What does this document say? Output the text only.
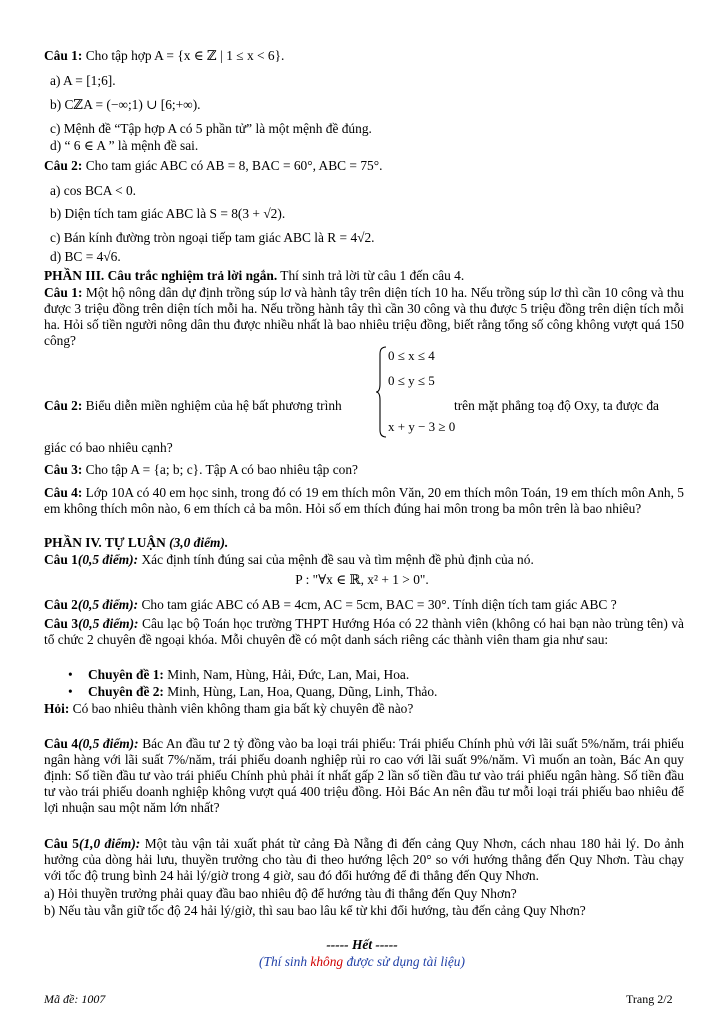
Câu 1: Cho tập hợp A = {x ∈ ℤ | 1 ≤ x < 6}.
a) A = [1;6].
b) CℤA = (−∞;1) ∪ [6;+∞).
c) Mệnh đề “Tập hợp A có 5 phần tử” là một mệnh đề đúng.
d) “ 6 ∈ A ” là mệnh đề sai.
Câu 2: Cho tam giác ABC có AB = 8, BAC = 60°, ABC = 75°.
a) cos BCA < 0.
b) Diện tích tam giác ABC là S = 8(3 + √2).
c) Bán kính đường tròn ngoại tiếp tam giác ABC là R = 4√2.
d) BC = 4√6.
PHẦN III. Câu trắc nghiệm trả lời ngắn. Thí sinh trả lời từ câu 1 đến câu 4.
Câu 1: Một hộ nông dân dự định trồng súp lơ và hành tây trên diện tích 10 ha. Nếu trồng súp lơ thì cần 10 công và thu được 3 triệu đồng trên diện tích mỗi ha. Nếu trồng hành tây thì cần 30 công và thu được 5 triệu đồng trên diện tích mỗi ha. Hỏi số tiền người nông dân thu được nhiều nhất là bao nhiêu triệu đồng, biết rằng tổng số công không vượt quá 150 công?
Câu 2: Biểu diễn miền nghiệm của hệ bất phương trình
0 ≤ x ≤ 4
0 ≤ y ≤ 5
x + y − 3 ≥ 0
trên mặt phẳng toạ độ Oxy, ta được đa
giác có bao nhiêu cạnh?
Câu 3: Cho tập A = {a; b; c}. Tập A có bao nhiêu tập con?
Câu 4: Lớp 10A có 40 em học sinh, trong đó có 19 em thích môn Văn, 20 em thích môn Toán, 19 em thích môn Anh, 5 em không thích môn nào, 6 em thích cả ba môn. Hỏi số em thích đúng hai môn trong ba môn trên là bao nhiêu?
PHẦN IV. TỰ LUẬN (3,0 điểm).
Câu 1(0,5 điểm): Xác định tính đúng sai của mệnh đề sau và tìm mệnh đề phủ định của nó.
P : "∀x ∈ ℝ, x² + 1 > 0".
Câu 2(0,5 điểm): Cho tam giác ABC có AB = 4cm, AC = 5cm, BAC = 30°. Tính diện tích tam giác ABC ?
Câu 3(0,5 điểm): Câu lạc bộ Toán học trường THPT Hướng Hóa có 22 thành viên (không có hai bạn nào trùng tên) và tổ chức 2 chuyên đề ngoại khóa. Mỗi chuyên đề có một danh sách riêng các thành viên tham gia như sau:
• Chuyên đề 1: Minh, Nam, Hùng, Hải, Đức, Lan, Mai, Hoa.
• Chuyên đề 2: Minh, Hùng, Lan, Hoa, Quang, Dũng, Linh, Thảo.
Hỏi: Có bao nhiêu thành viên không tham gia bất kỳ chuyên đề nào?
Câu 4(0,5 điểm): Bác An đầu tư 2 tỷ đồng vào ba loại trái phiếu: Trái phiếu Chính phủ với lãi suất 5%/năm, trái phiếu ngân hàng với lãi suất 7%/năm, trái phiếu doanh nghiệp rủi ro cao với lãi suất 9%/năm. Vì muốn an toàn, Bác An quy định: Số tiền đầu tư vào trái phiếu Chính phủ phải ít nhất gấp 2 lần số tiền đầu tư vào trái phiếu ngân hàng. Số tiền đầu tư vào trái phiếu doanh nghiệp không vượt quá 400 triệu đồng. Hỏi Bác An nên đầu tư mỗi loại trái phiếu bao nhiêu để lợi nhuận sau một năm lớn nhất?
Câu 5(1,0 điểm): Một tàu vận tải xuất phát từ cảng Đà Nẵng đi đến cảng Quy Nhơn, cách nhau 180 hải lý. Do ảnh hưởng của dòng hải lưu, thuyền trưởng cho tàu đi theo hướng lệch 20° so với hướng thẳng đến Quy Nhơn. Tàu chạy với tốc độ trung bình 24 hải lý/giờ trong 4 giờ, sau đó đổi hướng để đi thẳng đến Quy Nhơn.
a) Hỏi thuyền trưởng phải quay đầu bao nhiêu độ để hướng tàu đi thẳng đến Quy Nhơn?
b) Nếu tàu vẫn giữ tốc độ 24 hải lý/giờ, thì sau bao lâu kể từ khi đổi hướng, tàu đến cảng Quy Nhơn?
----- Hết -----
(Thí sinh không được sử dụng tài liệu)
Mã đề: 1007	Trang 2/2
